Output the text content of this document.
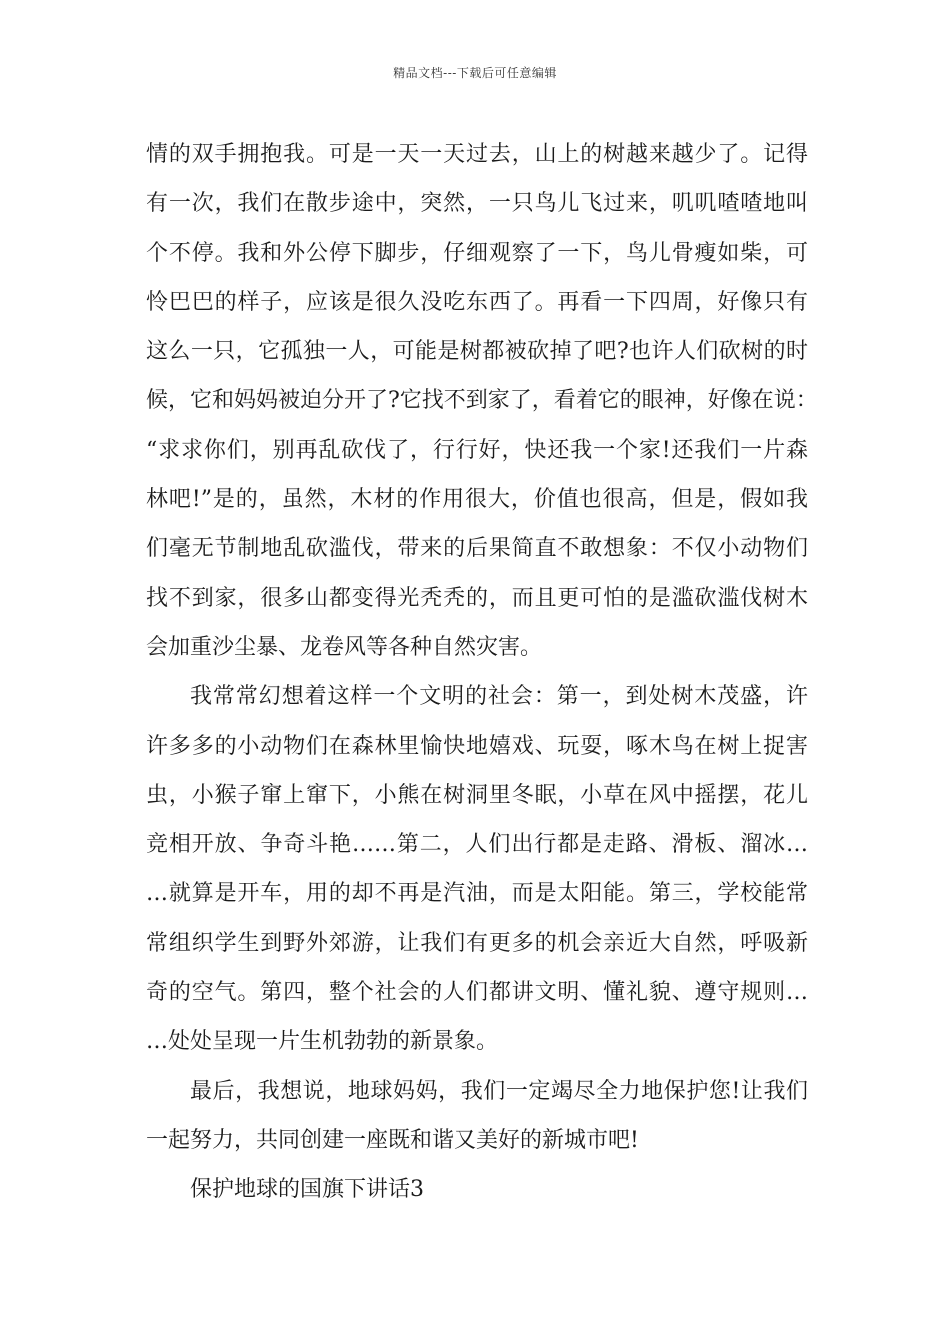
精品文档---下载后可任意编辑
情的双手拥抱我。可是一天一天过去，山上的树越来越少了。记得
有一次，我们在散步途中，突然，一只鸟儿飞过来，叽叽喳喳地叫
个不停。我和外公停下脚步，仔细观察了一下，鸟儿骨瘦如柴，可
怜巴巴的样子，应该是很久没吃东西了。再看一下四周，好像只有
这么一只，它孤独一人，可能是树都被砍掉了吧?也许人们砍树的时
候，它和妈妈被迫分开了?它找不到家了，看着它的眼神，好像在说：
“求求你们，别再乱砍伐了，行行好，快还我一个家!还我们一片森
林吧!”是的，虽然，木材的作用很大，价值也很高，但是，假如我
们毫无节制地乱砍滥伐，带来的后果简直不敢想象：不仅小动物们
找不到家，很多山都变得光秃秃的，而且更可怕的是滥砍滥伐树木
会加重沙尘暴、龙卷风等各种自然灾害。
我常常幻想着这样一个文明的社会：第一，到处树木茂盛，许
许多多的小动物们在森林里愉快地嬉戏、玩耍，啄木鸟在树上捉害
虫，小猴子窜上窜下，小熊在树洞里冬眠，小草在风中摇摆，花儿
竞相开放、争奇斗艳……第二，人们出行都是走路、滑板、溜冰…
…就算是开车，用的却不再是汽油，而是太阳能。第三，学校能常
常组织学生到野外郊游，让我们有更多的机会亲近大自然，呼吸新
奇的空气。第四，整个社会的人们都讲文明、懂礼貌、遵守规则…
…处处呈现一片生机勃勃的新景象。
最后，我想说，地球妈妈，我们一定竭尽全力地保护您!让我们
一起努力，共同创建一座既和谐又美好的新城市吧!
保护地球的国旗下讲话3
